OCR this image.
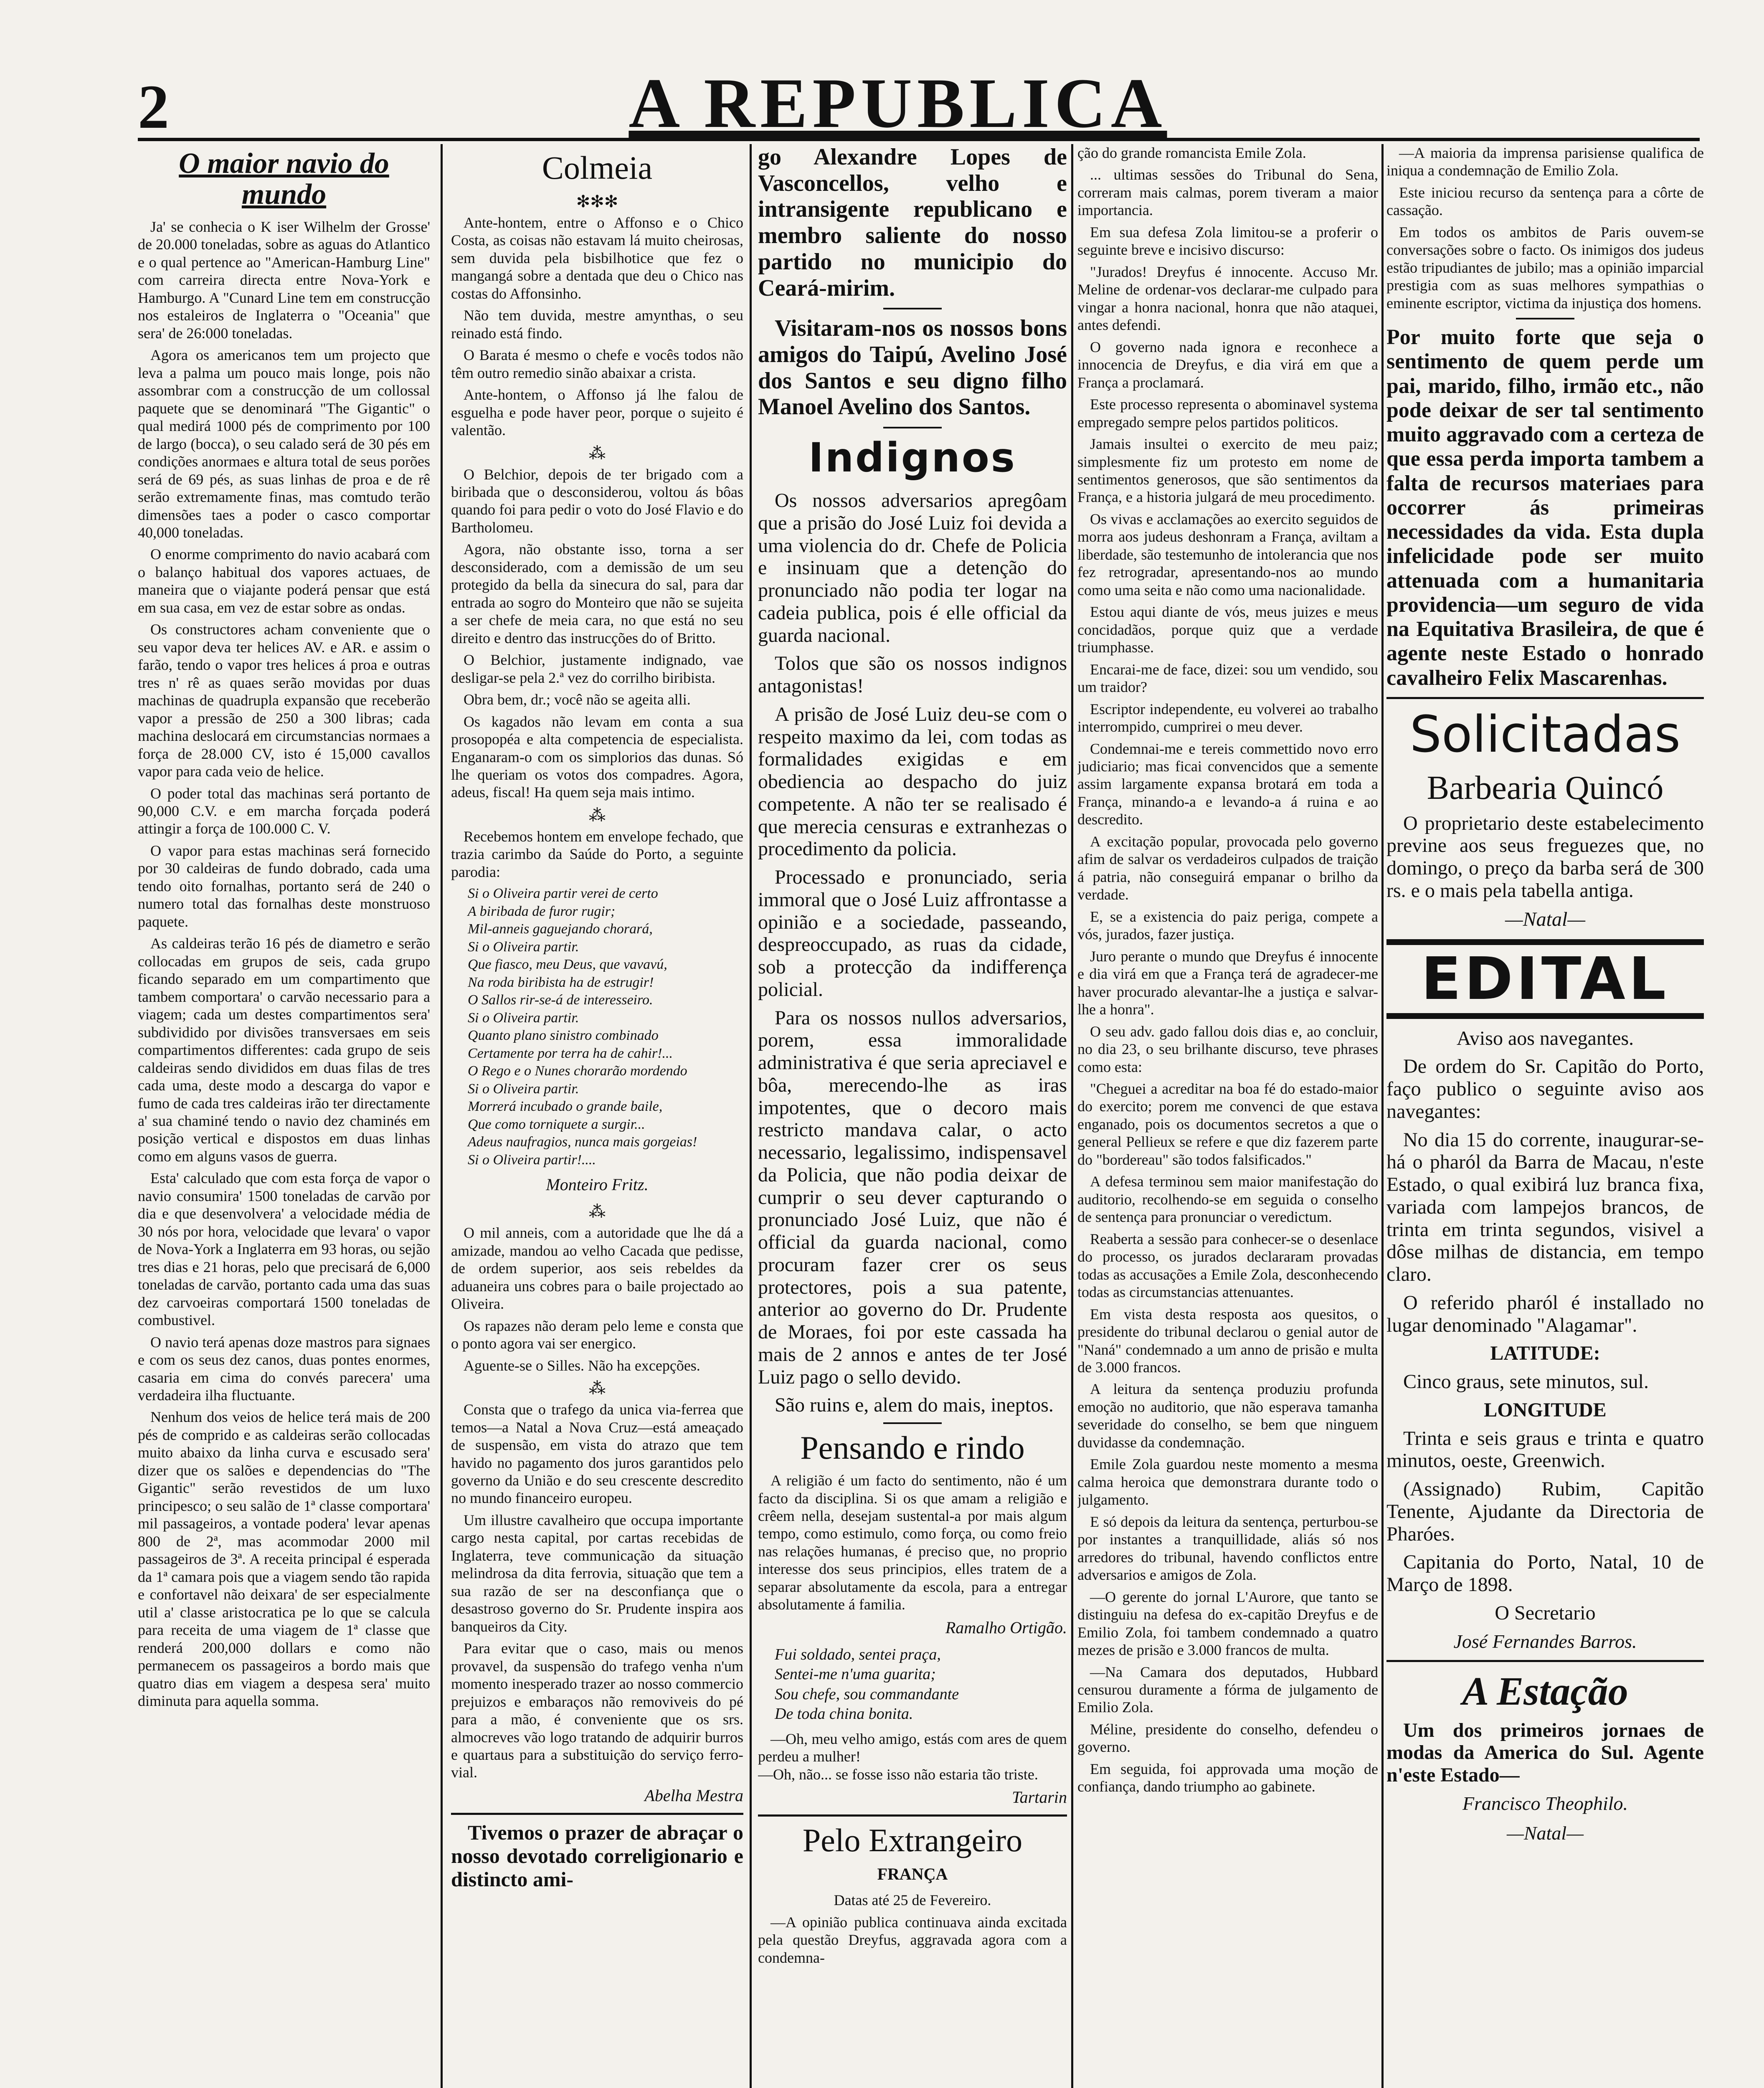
2	A REPUBLICA
O maior navio do mundo

Ja' se conhecia o K iser Wilhelm der Grosse' de 20.000 toneladas, sobre as aguas do Atlantico e o qual pertence ao "American-Hamburg Line" com carreira directa entre Nova-York e Hamburgo. A "Cunard Line tem em construcção nos estaleiros de Inglaterra o "Oceania" que sera' de 26:000 toneladas.

Agora os americanos tem um projecto que leva a palma um pouco mais longe, pois não assombrar com a construcção de um collossal paquete que se denominará "The Gigantic" o qual medirá 1000 pés de comprimento por 100 de largo (bocca), o seu calado será de 30 pés em condições anormaes e altura total de seus porões será de 69 pés, as suas linhas de proa e de rê serão extremamente finas, mas comtudo terão dimensões taes a poder o casco comportar 40,000 toneladas.

O enorme comprimento do navio acabará com o balanço habitual dos vapores actuaes, de maneira que o viajante poderá pensar que está em sua casa, em vez de estar sobre as ondas.

Os constructores acham conveniente que o seu vapor deva ter helices AV. e AR. e assim o farão, tendo o vapor tres helices á proa e outras tres n' rê as quaes serão movidas por duas machinas de quadrupla expansão que receberão vapor a pressão de 250 a 300 libras; cada machina deslocará em circumstancias normaes a força de 28.000 CV, isto é 15,000 cavallos vapor para cada veio de helice.

O poder total das machinas será portanto de 90,000 C.V. e em marcha forçada poderá attingir a força de 100.000 C. V.

O vapor para estas machinas será fornecido por 30 caldeiras de fundo dobrado, cada uma tendo oito fornalhas, portanto será de 240 o numero total das fornalhas deste monstruoso paquete.

As caldeiras terão 16 pés de diametro e serão collocadas em grupos de seis, cada grupo ficando separado em um compartimento que tambem comportara' o carvão necessario para a viagem; cada um destes compartimentos sera' subdividido por divisões transversaes em seis compartimentos differentes: cada grupo de seis caldeiras sendo divididos em duas filas de tres cada uma, deste modo a descarga do vapor e fumo de cada tres caldeiras irão ter directamente a' sua chaminé tendo o navio dez chaminés em posição vertical e dispostos em duas linhas como em alguns vasos de guerra.

Esta' calculado que com esta força de vapor o navio consumira' 1500 toneladas de carvão por dia e que desenvolvera' a velocidade média de 30 nós por hora, velocidade que levara' o vapor de Nova-York a Inglaterra em 93 horas, ou sejão tres dias e 21 horas, pelo que precisará de 6,000 toneladas de carvão, portanto cada uma das suas dez carvoeiras comportará 1500 toneladas de combustivel.

O navio terá apenas doze mastros para signaes e com os seus dez canos, duas pontes enormes, casaria em cima do convés parecera' uma verdadeira ilha fluctuante.

Nenhum dos veios de helice terá mais de 200 pés de comprido e as caldeiras serão collocadas muito abaixo da linha curva e escusado sera' dizer que os salões e dependencias do "The Gigantic" serão revestidos de um luxo principesco; o seu salão de 1ª classe comportara' mil passageiros, a vontade podera' levar apenas 800 de 2ª, mas acommodar 2000 mil passageiros de 3ª. A receita principal é esperada da 1ª camara pois que a viagem sendo tão rapida e confortavel não deixara' de ser especialmente util a' classe aristocratica pe lo que se calcula para receita de uma viagem de 1ª classe que renderá 200,000 dollars e como não permanecem os passageiros a bordo mais que quatro dias em viagem a despesa sera' muito diminuta para aquella somma.

Colmeia
✻✻✻

Ante-hontem, entre o Affonso e o Chico Costa, as coisas não estavam lá muito cheirosas, sem duvida pela bisbilhotice que fez o mangangá sobre a dentada que deu o Chico nas costas do Affonsinho.

Não tem duvida, mestre amynthas, o seu reinado está findo.

O Barata é mesmo o chefe e vocês todos não têm outro remedio sinão abaixar a crista.

Ante-hontem, o Affonso já lhe falou de esguelha e pode haver peor, porque o sujeito é valentão.

⁂

O Belchior, depois de ter brigado com a biribada que o desconsiderou, voltou ás bôas quando foi para pedir o voto do José Flavio e do Bartholomeu.

Agora, não obstante isso, torna a ser desconsiderado, com a demissão de um seu protegido da bella da sinecura do sal, para dar entrada ao sogro do Monteiro que não se sujeita a ser chefe de meia cara, no que está no seu direito e dentro das instrucções do of Britto.

O Belchior, justamente indignado, vae desligar-se pela 2.ª vez do corrilho biribista.

Obra bem, dr.; você não se ageita alli.

Os kagados não levam em conta a sua prosopopéa e alta competencia de especialista. Enganaram-o com os simplorios das dunas. Só lhe queriam os votos dos compadres. Agora, adeus, fiscal! Ha quem seja mais intimo.

⁂

Recebemos hontem em envelope fechado, que trazia carimbo da Saúde do Porto, a seguinte parodia:

Si o Oliveira partir verei de certo
A biribada de furor rugir;
Mil-anneis gaguejando chorará,
Si o Oliveira partir.
Que fiasco, meu Deus, que vavavú,
Na roda biribista ha de estrugir!
O Sallos rir-se-á de interesseiro.
Si o Oliveira partir.
Quanto plano sinistro combinado
Certamente por terra ha de cahir!...
O Rego e o Nunes chorarão mordendo
Si o Oliveira partir.
Morrerá incubado o grande baile,
Que como torniquete a surgir...
Adeus naufragios, nunca mais gorgeias!
Si o Oliveira partir!....
Monteiro Fritz.
⁂

O mil anneis, com a autoridade que lhe dá a amizade, mandou ao velho Cacada que pedisse, de ordem superior, aos seis rebeldes da aduaneira uns cobres para o baile projectado ao Oliveira.

Os rapazes não deram pelo leme e consta que o ponto agora vai ser energico.

Aguente-se o Silles. Não ha excepções.

⁂

Consta que o trafego da unica via-ferrea que temos—a Natal a Nova Cruz—está ameaçado de suspensão, em vista do atrazo que tem havido no pagamento dos juros garantidos pelo governo da União e do seu crescente descredito no mundo financeiro europeu.

Um illustre cavalheiro que occupa importante cargo nesta capital, por cartas recebidas de Inglaterra, teve communicação da situação melindrosa da dita ferrovia, situação que tem a sua razão de ser na desconfiança que o desastroso governo do Sr. Prudente inspira aos banqueiros da City.

Para evitar que o caso, mais ou menos provavel, da suspensão do trafego venha n'um momento inesperado trazer ao nosso commercio prejuizos e embaraços não removiveis do pé para a mão, é conveniente que os srs. almocreves vão logo tratando de adquirir burros e quartaus para a substituição do serviço ferro-vial.

Abelha Mestra

Tivemos o prazer de abraçar o nosso devotado correligionario e distincto ami-

go Alexandre Lopes de Vasconcellos, velho e intransigente republicano e membro saliente do nosso partido no municipio do Ceará-mirim.

Visitaram-nos os nossos bons amigos do Taipú, Avelino José dos Santos e seu digno filho Manoel Avelino dos Santos.

Indignos

Os nossos adversarios apregôam que a prisão do José Luiz foi devida a uma violencia do dr. Chefe de Policia e insinuam que a detenção do pronunciado não podia ter logar na cadeia publica, pois é elle official da guarda nacional.

Tolos que são os nossos indignos antagonistas!

A prisão de José Luiz deu-se com o respeito maximo da lei, com todas as formalidades exigidas e em obediencia ao despacho do juiz competente. A não ter se realisado é que merecia censuras e extranhezas o procedimento da policia.

Processado e pronunciado, seria immoral que o José Luiz affrontasse a opinião e a sociedade, passeando, despreoccupado, as ruas da cidade, sob a protecção da indifferença policial.

Para os nossos nullos adversarios, porem, essa immoralidade administrativa é que seria apreciavel e bôa, merecendo-lhe as iras impotentes, que o decoro mais restricto mandava calar, o acto necessario, legalissimo, indispensavel da Policia, que não podia deixar de cumprir o seu dever capturando o pronunciado José Luiz, que não é official da guarda nacional, como procuram fazer crer os seus protectores, pois a sua patente, anterior ao governo do Dr. Prudente de Moraes, foi por este cassada ha mais de 2 annos e antes de ter José Luiz pago o sello devido.

São ruins e, alem do mais, ineptos.

Pensando e rindo

A religião é um facto do sentimento, não é um facto da disciplina. Si os que amam a religião e crêem nella, desejam sustental-a por mais algum tempo, como estimulo, como força, ou como freio nas relações humanas, é preciso que, no proprio interesse dos seus principios, elles tratem de a separar absolutamente da escola, para a entregar absolutamente á familia.

Ramalho Ortigão.
Fui soldado, sentei praça,
Sentei-me n'uma guarita;
Sou chefe, sou commandante
De toda china bonita.

—Oh, meu velho amigo, estás com ares de quem perdeu a mulher!
—Oh, não... se fosse isso não estaria tão triste.

Tartarin
Pelo Extrangeiro
FRANÇA

Datas até 25 de Fevereiro.

—A opinião publica continuava ainda excitada pela questão Dreyfus, aggravada agora com a condemna-

ção do grande romancista Emile Zola.

... ultimas sessões do Tribunal do Sena, correram mais calmas, porem tiveram a maior importancia.

Em sua defesa Zola limitou-se a proferir o seguinte breve e incisivo discurso:

"Jurados! Dreyfus é innocente. Accuso Mr. Meline de ordenar-vos declarar-me culpado para vingar a honra nacional, honra que não ataquei, antes defendi.

O governo nada ignora e reconhece a innocencia de Dreyfus, e dia virá em que a França a proclamará.

Este processo representa o abominavel systema empregado sempre pelos partidos politicos.

Jamais insultei o exercito de meu paiz; simplesmente fiz um protesto em nome de sentimentos generosos, que são sentimentos da França, e a historia julgará de meu procedimento.

Os vivas e acclamações ao exercito seguidos de morra aos judeus deshonram a França, aviltam a liberdade, são testemunho de intolerancia que nos fez retrogradar, apresentando-nos ao mundo como uma seita e não como uma nacionalidade.

Estou aqui diante de vós, meus juizes e meus concidadãos, porque quiz que a verdade triumphasse.

Encarai-me de face, dizei: sou um vendido, sou um traidor?

Escriptor independente, eu volverei ao trabalho interrompido, cumprirei o meu dever.

Condemnai-me e tereis commettido novo erro judiciario; mas ficai convencidos que a semente assim largamente expansa brotará em toda a França, minando-a e levando-a á ruina e ao descredito.

A excitação popular, provocada pelo governo afim de salvar os verdadeiros culpados de traição á patria, não conseguirá empanar o brilho da verdade.

E, se a existencia do paiz periga, compete a vós, jurados, fazer justiça.

Juro perante o mundo que Dreyfus é innocente e dia virá em que a França terá de agradecer-me haver procurado alevantar-lhe a justiça e salvar-lhe a honra".

O seu adv. gado fallou dois dias e, ao concluir, no dia 23, o seu brilhante discurso, teve phrases como esta:

"Cheguei a acreditar na boa fé do estado-maior do exercito; porem me convenci de que estava enganado, pois os documentos secretos a que o general Pellieux se refere e que diz fazerem parte do "bordereau" são todos falsificados."

A defesa terminou sem maior manifestação do auditorio, recolhendo-se em seguida o conselho de sentença para pronunciar o veredictum.

Reaberta a sessão para conhecer-se o desenlace do processo, os jurados declararam provadas todas as accusações a Emile Zola, desconhecendo todas as circumstancias attenuantes.

Em vista desta resposta aos quesitos, o presidente do tribunal declarou o genial autor de "Naná" condemnado a um anno de prisão e multa de 3.000 francos.

A leitura da sentença produziu profunda emoção no auditorio, que não esperava tamanha severidade do conselho, se bem que ninguem duvidasse da condemnação.

Emile Zola guardou neste momento a mesma calma heroica que demonstrara durante todo o julgamento.

E só depois da leitura da sentença, perturbou-se por instantes a tranquillidade, aliás só nos arredores do tribunal, havendo conflictos entre adversarios e amigos de Zola.

—O gerente do jornal L'Aurore, que tanto se distinguiu na defesa do ex-capitão Dreyfus e de Emilio Zola, foi tambem condemnado a quatro mezes de prisão e 3.000 francos de multa.

—Na Camara dos deputados, Hubbard censurou duramente a fórma de julgamento de Emilio Zola.

Méline, presidente do conselho, defendeu o governo.

Em seguida, foi approvada uma moção de confiança, dando triumpho ao gabinete.

—A maioria da imprensa parisiense qualifica de iniqua a condemnação de Emilio Zola.

Este iniciou recurso da sentença para a côrte de cassação.

Em todos os ambitos de Paris ouvem-se conversações sobre o facto. Os inimigos dos judeus estão tripudiantes de jubilo; mas a opinião imparcial prestigia com as suas melhores sympathias o eminente escriptor, victima da injustiça dos homens.

Por muito forte que seja o sentimento de quem perde um pai, marido, filho, irmão etc., não pode deixar de ser tal sentimento muito aggravado com a certeza de que essa perda importa tambem a falta de recursos materiaes para occorrer ás primeiras necessidades da vida. Esta dupla infelicidade pode ser muito attenuada com a humanitaria providencia—um seguro de vida na Equitativa Brasileira, de que é agente neste Estado o honrado cavalheiro Felix Mascarenhas.

Solicitadas
Barbearia Quincó

O proprietario deste estabelecimento previne aos seus freguezes que, no domingo, o preço da barba será de 300 rs. e o mais pela tabella antiga.

—Natal—
EDITAL

Aviso aos navegantes.

De ordem do Sr. Capitão do Porto, faço publico o seguinte aviso aos navegantes:

No dia 15 do corrente, inaugurar-se-há o pharól da Barra de Macau, n'este Estado, o qual exibirá luz branca fixa, variada com lampejos brancos, de trinta em trinta segundos, visivel a dôse milhas de distancia, em tempo claro.

O referido pharól é installado no lugar denominado "Alagamar".

LATITUDE:

Cinco graus, sete minutos, sul.

LONGITUDE

Trinta e seis graus e trinta e quatro minutos, oeste, Greenwich.

(Assignado) Rubim, Capitão Tenente, Ajudante da Directoria de Pharóes.

Capitania do Porto, Natal, 10 de Março de 1898.

O Secretario

José Fernandes Barros.
A Estação

Um dos primeiros jornaes de modas da America do Sul. Agente n'este Estado—

Francisco Theophilo.
—Natal—
